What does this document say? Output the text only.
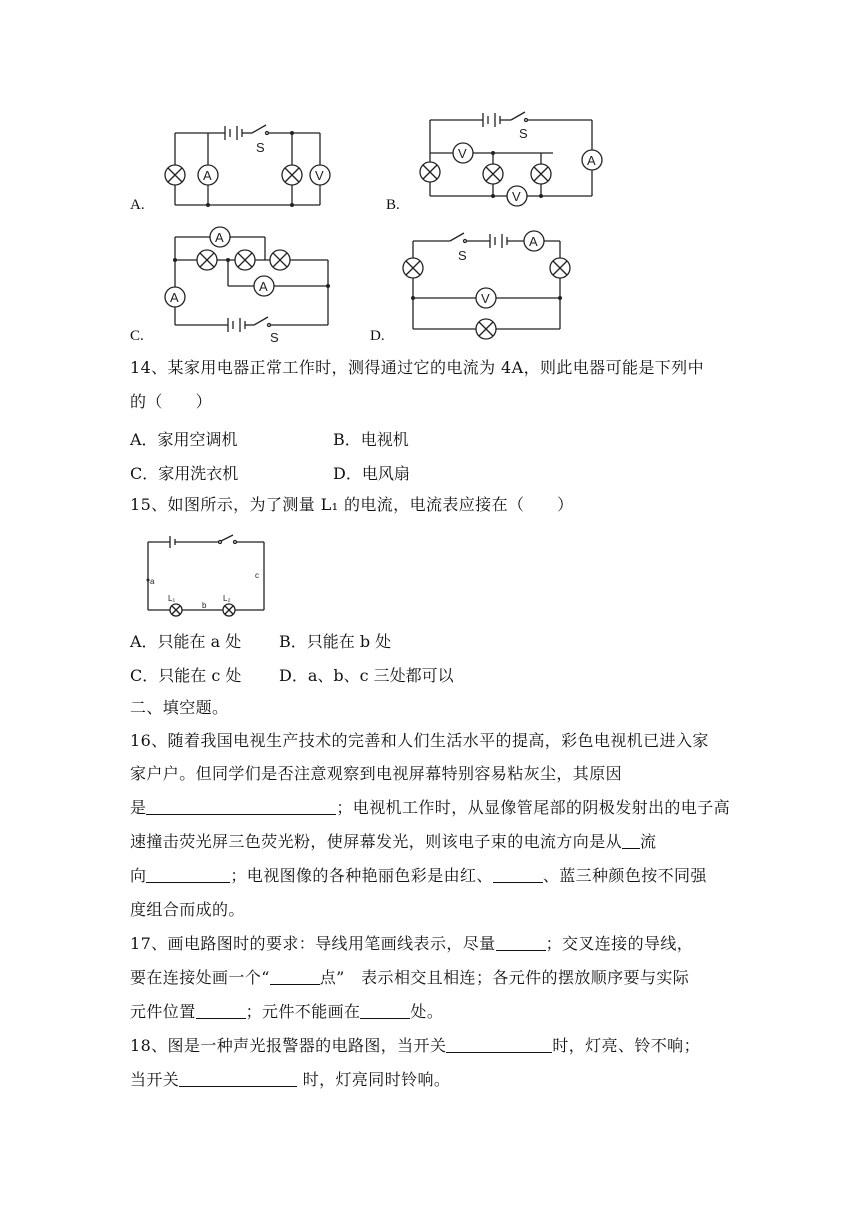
A.
S
A	V
B.
S
A
V
V
C.
A
A
A
S	D.
A
S
V
14、某家用电器正常工作时，测得通过它的电流为 4A，则此电器可能是下列中
的（　　）
A．家用空调机	B．电视机
C．家用洗衣机	D．电风扇
15、如图所示，为了测量 L₁ 的电流，电流表应接在（　　）
a
b
c
L₁	L₂
A．只能在 a 处 B．只能在 b 处
C．只能在 c 处 D．a、b、c 三处都可以
二、填空题。
16、随着我国电视生产技术的完善和人们生活水平的提高，彩色电视机已进入家
家户户。但同学们是否注意观察到电视屏幕特别容易粘灰尘，其原因
是	；电视机工作时，从显像管尾部的阴极发射出的电子高
速撞击荧光屏三色荧光粉，使屏幕发光，则该电子束的电流方向是从 流
向	；电视图像的各种艳丽色彩是由红、	、蓝三种颜色按不同强
度组合而成的。
17、画电路图时的要求：导线用笔画线表示，尽量	；交叉连接的导线，
要在连接处画一个“	点”　表示相交且相连；各元件的摆放顺序要与实际
元件位置	；元件不能画在	处。
18、图是一种声光报警器的电路图，当开关	时，灯亮、铃不响；
当开关	时，灯亮同时铃响。
